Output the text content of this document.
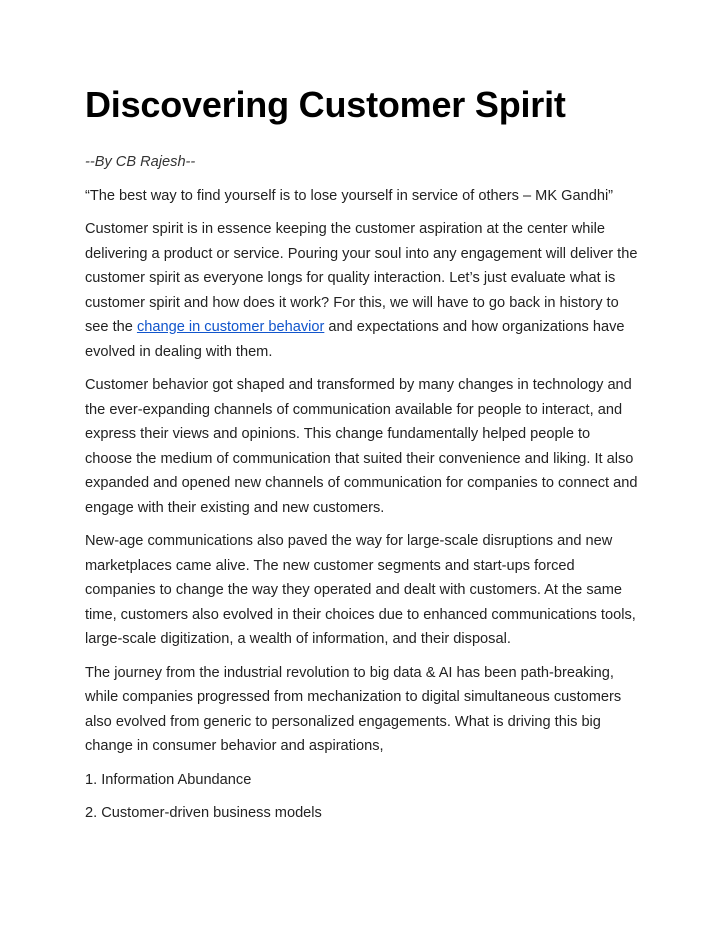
Discovering Customer Spirit

--By CB Rajesh--

“The best way to find yourself is to lose yourself in service of others – MK Gandhi”

Customer spirit is in essence keeping the customer aspiration at the center while delivering a product or service. Pouring your soul into any engagement will deliver the customer spirit as everyone longs for quality interaction. Let’s just evaluate what is customer spirit and how does it work? For this, we will have to go back in history to see the change in customer behavior and expectations and how organizations have evolved in dealing with them.

Customer behavior got shaped and transformed by many changes in technology and the ever-expanding channels of communication available for people to interact, and express their views and opinions. This change fundamentally helped people to choose the medium of communication that suited their convenience and liking. It also expanded and opened new channels of communication for companies to connect and engage with their existing and new customers.

New-age communications also paved the way for large-scale disruptions and new marketplaces came alive. The new customer segments and start-ups forced companies to change the way they operated and dealt with customers. At the same time, customers also evolved in their choices due to enhanced communications tools, large-scale digitization, a wealth of information, and their disposal.

The journey from the industrial revolution to big data & AI has been path-breaking, while companies progressed from mechanization to digital simultaneous customers also evolved from generic to personalized engagements. What is driving this big change in consumer behavior and aspirations,

1. Information Abundance

2. Customer-driven business models
